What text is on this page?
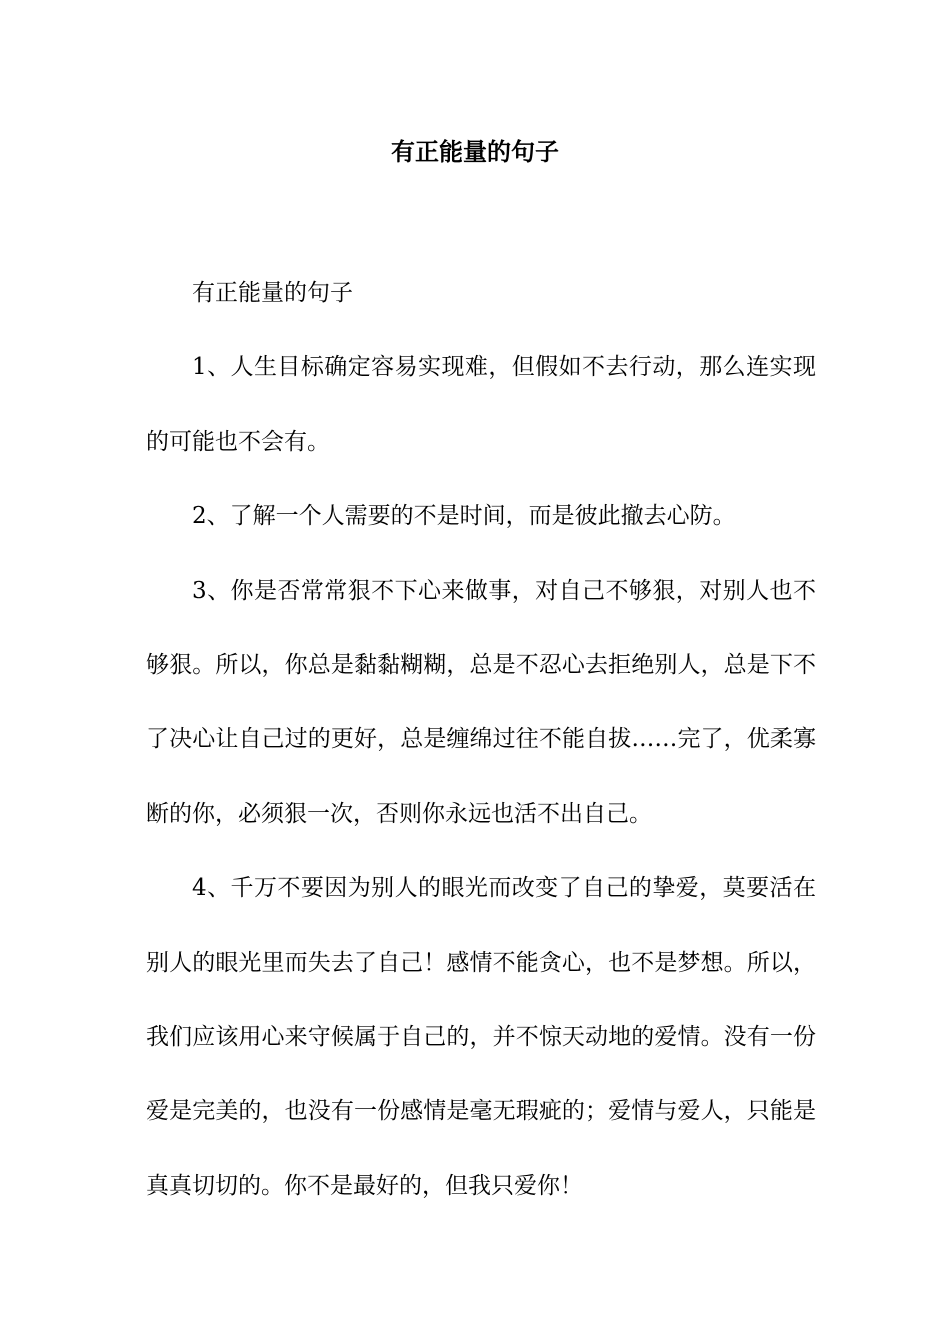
有正能量的句子

有正能量的句子

1、人生目标确定容易实现难，但假如不去行动，那么连实现的可能也不会有。

2、了解一个人需要的不是时间，而是彼此撤去心防。

3、你是否常常狠不下心来做事，对自己不够狠，对别人也不够狠。所以，你总是黏黏糊糊，总是不忍心去拒绝别人，总是下不了决心让自己过的更好，总是缠绵过往不能自拔……完了，优柔寡断的你，必须狠一次，否则你永远也活不出自己。

4、千万不要因为别人的眼光而改变了自己的挚爱，莫要活在别人的眼光里而失去了自己！感情不能贪心，也不是梦想。所以，我们应该用心来守候属于自己的，并不惊天动地的爱情。没有一份爱是完美的，也没有一份感情是毫无瑕疵的；爱情与爱人，只能是真真切切的。你不是最好的，但我只爱你！
